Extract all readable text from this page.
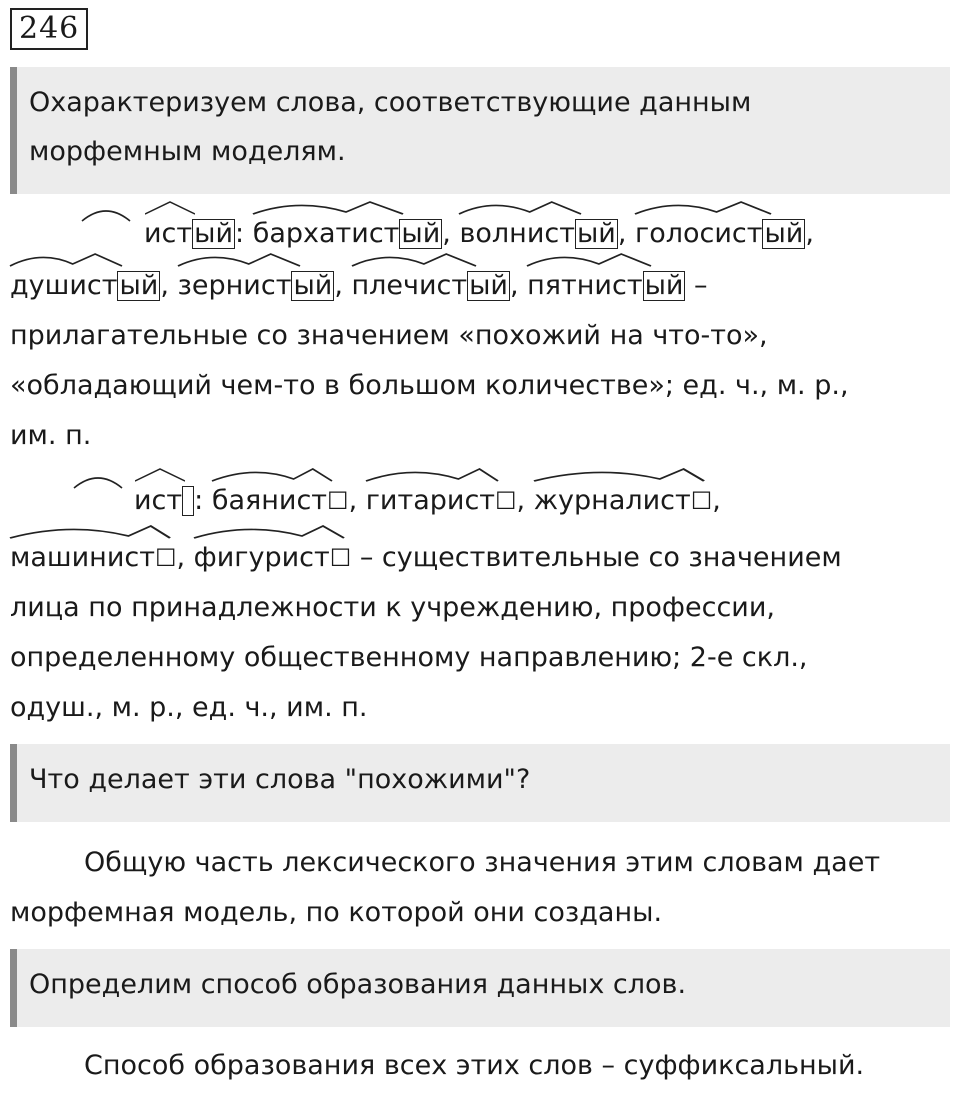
246
Охарактеризуем слова, соответствующие данным
морфемным моделям.
истый: бархатистый, волнистый, голосистый,
душистый, зернистый, плечистый, пятнистый –
прилагательные со значением «похожий на что-то»,
«обладающий чем-то в большом количестве»; ед. ч., м. р.,
им. п.
ист : баянист☐, гитарист☐, журналист☐,
машинист☐, фигурист☐ – существительные со значением
лица по принадлежности к учреждению, профессии,
определенному общественному направлению; 2-е скл.,
одуш., м. р., ед. ч., им. п.
Что делает эти слова "похожими"?
Общую часть лексического значения этим словам дает
морфемная модель, по которой они созданы.
Определим способ образования данных слов.
Способ образования всех этих слов – суффиксальный.
